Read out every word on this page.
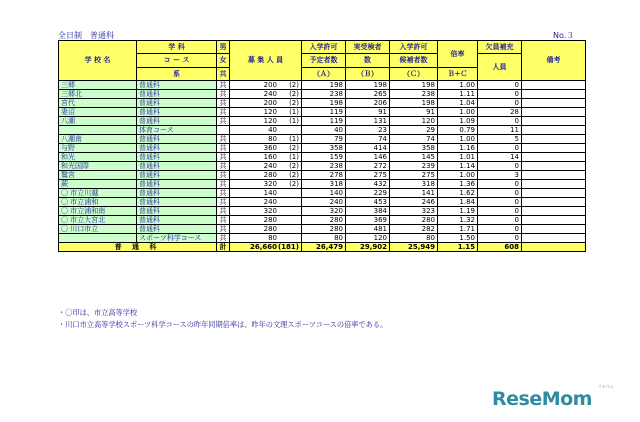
全日制　普通科	No.３
学 校 名	学 科	男	募 集 人 員	入学許可	実受検者	入学許可	倍率	欠員補充	備考
	コ ー ス	女		予定者数	数	候補者数		人員	
	系	共		（Ａ）	（Ｂ）	（Ｃ）	Ｂ÷Ｃ		
三郷	普通科	共	200 (2)	198	198	198	1.00	0	
三郷北	普通科	共	240 (2)	238	265	238	1.11	0	
宮代	普通科	共	200 (2)	198	206	198	1.04	0	
妻沼	普通科	共	120 (1)	119	91	91	1.00	28	
八潮	普通科	共	120 (1)	119	131	120	1.09	0	
	体育コース		40	40	23	29	0.79	11	
八潮南	普通科	共	80 (1)	79	74	74	1.00	5	
与野	普通科	共	360 (2)	358	414	358	1.16	0	
和光	普通科	共	160 (1)	159	146	145	1.01	14	
和光国際	普通科	共	240 (2)	238	272	239	1.14	0	
鷲宮	普通科	共	280 (2)	278	275	275	1.00	3	
蕨	普通科	共	320 (2)	318	432	318	1.36	0	
〇 市立川越	普通科	共	140	140	229	141	1.62	0	
〇 市立浦和	普通科	共	240	240	453	246	1.84	0	
〇 市立浦和南	普通科	共	320	320	384	323	1.19	0	
〇 市立大宮北	普通科	共	280	280	369	280	1.32	0	
〇 川口市立	普通科	共	280	280	481	282	1.71	0	
	スポーツ科学コース	共	80	80	120	80	1.50	0	
普 通 科		計	26,660(181)	26,479	29,902	25,949	1.15	608	
・〇印は、市立高等学校
・川口市立高等学校スポーツ科学コースの昨年同期倍率は、昨年の文理スポーツコースの倍率である。
ReseMom
リセマム
